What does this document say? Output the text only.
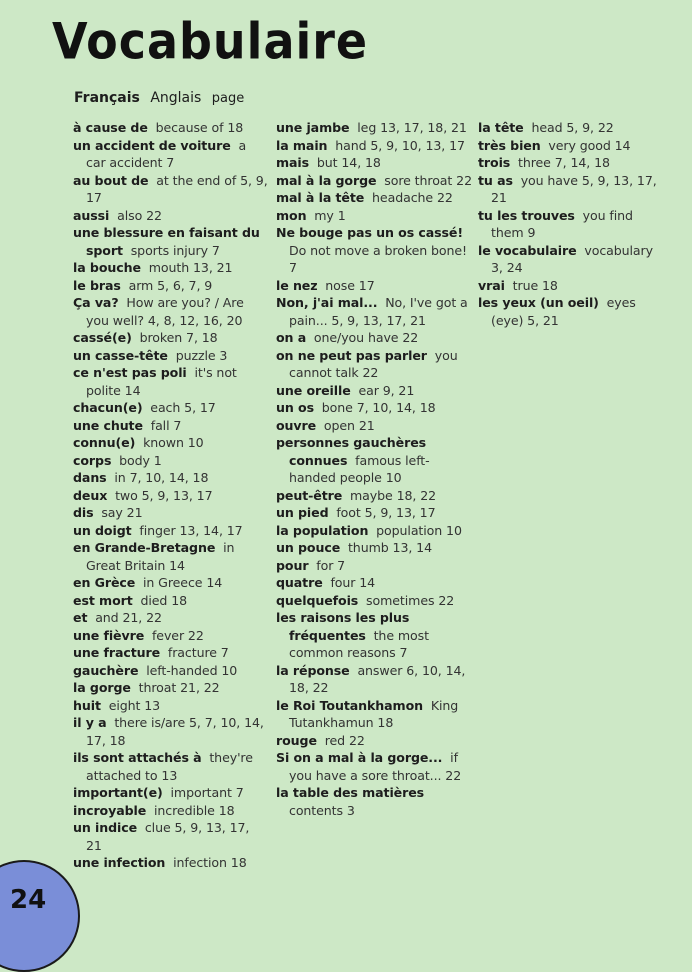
Vocabulaire
Français Anglais page
à cause de because of 18
un accident de voiture a car accident 7
au bout de at the end of 5, 9, 17
aussi also 22
une blessure en faisant du sport sports injury 7
la bouche mouth 13, 21
le bras arm 5, 6, 7, 9
Ça va? How are you? / Are you well? 4, 8, 12, 16, 20
cassé(e) broken 7, 18
un casse-tête puzzle 3
ce n'est pas poli it's not polite 14
chacun(e) each 5, 17
une chute fall 7
connu(e) known 10
corps body 1
dans in 7, 10, 14, 18
deux two 5, 9, 13, 17
dis say 21
un doigt finger 13, 14, 17
en Grande-Bretagne in Great Britain 14
en Grèce in Greece 14
est mort died 18
et and 21, 22
une fièvre fever 22
une fracture fracture 7
gauchère left-handed 10
la gorge throat 21, 22
huit eight 13
il y a there is/are 5, 7, 10, 14, 17, 18
ils sont attachés à they're attached to 13
important(e) important 7
incroyable incredible 18
un indice clue 5, 9, 13, 17, 21
une infection infection 18
une jambe leg 13, 17, 18, 21
la main hand 5, 9, 10, 13, 17
mais but 14, 18
mal à la gorge sore throat 22
mal à la tête headache 22
mon my 1
Ne bouge pas un os cassé!  Do not move a broken bone! 7
le nez nose 17
Non, j'ai mal... No, I've got a pain... 5, 9, 13, 17, 21
on a one/you have 22
on ne peut pas parler you cannot talk 22
une oreille ear 9, 21
un os bone 7, 10, 14, 18
ouvre open 21
personnes gauchères connues famous left-handed people 10
peut-être maybe 18, 22
un pied foot 5, 9, 13, 17
la population population 10
un pouce thumb 13, 14
pour for 7
quatre four 14
quelquefois sometimes 22
les raisons les plus fréquentes the most common reasons 7
la réponse answer 6, 10, 14, 18, 22
le Roi Toutankhamon King Tutankhamun 18
rouge red 22
Si on a mal à la gorge... if you have a sore throat... 22
la table des matières  contents 3
la tête head 5, 9, 22
très bien very good 14
trois three 7, 14, 18
tu as you have 5, 9, 13, 17, 21
tu les trouves you find them 9
le vocabulaire vocabulary 3, 24
vrai true 18
les yeux (un oeil) eyes (eye) 5, 21
24
